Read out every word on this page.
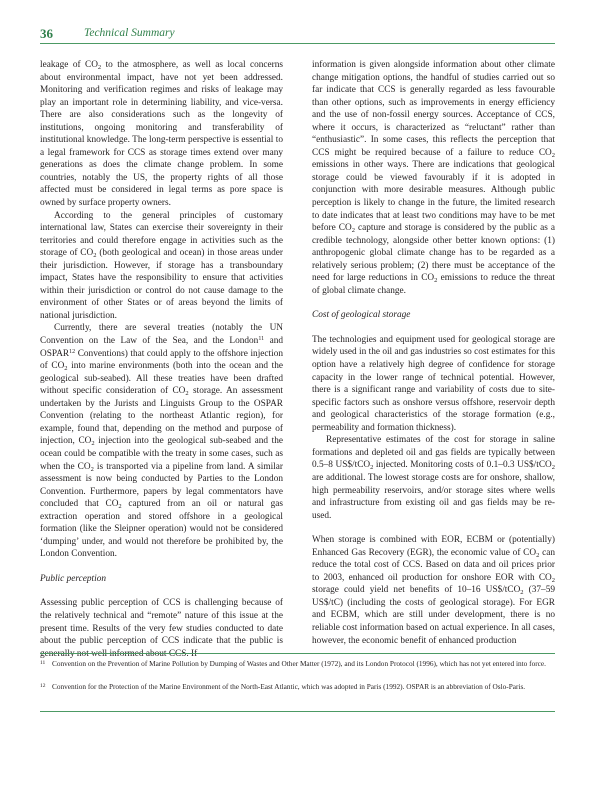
36	Technical Summary

leakage of $CO_2$ to the atmosphere, as well as local concerns about environmental impact, have not yet been addressed. Monitoring and verification regimes and risks of leakage may play an important role in determining liability, and vice-versa. There are also considerations such as the longevity of institutions, ongoing monitoring and transferability of institutional knowledge. The long-term perspective is essential to a legal framework for CCS as storage times extend over many generations as does the climate change problem. In some countries, notably the US, the property rights of all those affected must be considered in legal terms as pore space is owned by surface property owners.

According to the general principles of customary international law, States can exercise their sovereignty in their territories and could therefore engage in activities such as the storage of $CO_2$ (both geological and ocean) in those areas under their jurisdiction. However, if storage has a transboundary impact, States have the responsibility to ensure that activities within their jurisdiction or control do not cause damage to the environment of other States or of areas beyond the limits of national jurisdiction.

Currently, there are several treaties (notably the UN Convention on the Law of the Sea, and the London$^{11}$ and OSPAR$^{12}$ Conventions) that could apply to the offshore injection of $CO_2$ into marine environments (both into the ocean and the geological sub-seabed). All these treaties have been drafted without specific consideration of $CO_2$ storage. An assessment undertaken by the Jurists and Linguists Group to the OSPAR Convention (relating to the northeast Atlantic region), for example, found that, depending on the method and purpose of injection, $CO_2$ injection into the geological sub-seabed and the ocean could be compatible with the treaty in some cases, such as when the $CO_2$ is transported via a pipeline from land. A similar assessment is now being conducted by Parties to the London Convention. Furthermore, papers by legal commentators have concluded that $CO_2$ captured from an oil or natural gas extraction operation and stored offshore in a geological formation (like the Sleipner operation) would not be considered ‘dumping’ under, and would not therefore be prohibited by, the London Convention.

Public perception

Assessing public perception of CCS is challenging because of the relatively technical and “remote” nature of this issue at the present time. Results of the very few studies conducted to date about the public perception of CCS indicate that the public is generally not well informed about CCS. If

information is given alongside information about other climate change mitigation options, the handful of studies carried out so far indicate that CCS is generally regarded as less favourable than other options, such as improvements in energy efficiency and the use of non-fossil energy sources. Acceptance of CCS, where it occurs, is characterized as “reluctant” rather than “enthusiastic”. In some cases, this reflects the perception that CCS might be required because of a failure to reduce $CO_2$ emissions in other ways. There are indications that geological storage could be viewed favourably if it is adopted in conjunction with more desirable measures. Although public perception is likely to change in the future, the limited research to date indicates that at least two conditions may have to be met before $CO_2$ capture and storage is considered by the public as a credible technology, alongside other better known options: (1) anthropogenic global climate change has to be regarded as a relatively serious problem; (2) there must be acceptance of the need for large reductions in $CO_2$ emissions to reduce the threat of global climate change.

Cost of geological storage

The technologies and equipment used for geological storage are widely used in the oil and gas industries so cost estimates for this option have a relatively high degree of confidence for storage capacity in the lower range of technical potential. However, there is a significant range and variability of costs due to site-specific factors such as onshore versus offshore, reservoir depth and geological characteristics of the storage formation (e.g., permeability and formation thickness).

Representative estimates of the cost for storage in saline formations and depleted oil and gas fields are typically between 0.5–8 US$/tCO$_2$ injected. Monitoring costs of 0.1–0.3 US$/tCO$_2$ are additional. The lowest storage costs are for onshore, shallow, high permeability reservoirs, and/or storage sites where wells and infrastructure from existing oil and gas fields may be re-used.

When storage is combined with EOR, ECBM or (potentially) Enhanced Gas Recovery (EGR), the economic value of $CO_2$ can reduce the total cost of CCS. Based on data and oil prices prior to 2003, enhanced oil production for onshore EOR with $CO_2$ storage could yield net benefits of 10–16 US$/tCO$_2$ (37–59 US$/tC) (including the costs of geological storage). For EGR and ECBM, which are still under development, there is no reliable cost information based on actual experience. In all cases, however, the economic benefit of enhanced production

11 Convention on the Prevention of Marine Pollution by Dumping of Wastes and Other Matter (1972), and its London Protocol (1996), which has not yet entered into force.
12 Convention for the Protection of the Marine Environment of the North-East Atlantic, which was adopted in Paris (1992). OSPAR is an abbreviation of Oslo-Paris.
